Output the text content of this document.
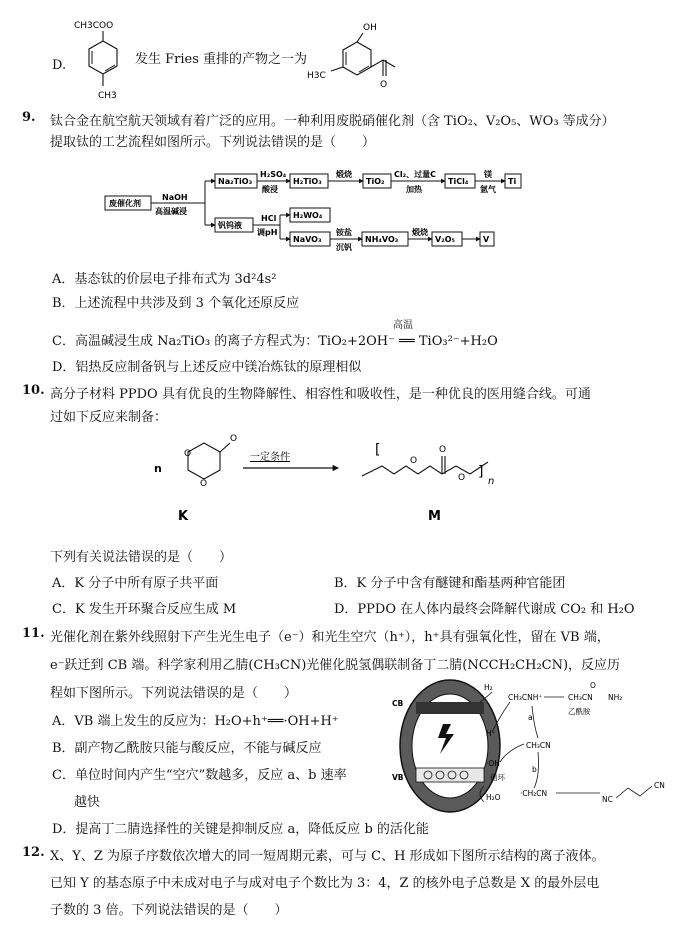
D.
CH3COO
CH3
发生 Fries 重排的产物之一为
OH
H3C
O
9. 钛合金在航空航天领域有着广泛的应用。一种利用废脱硝催化剂（含 TiO₂、V₂O₅、WO₃ 等成分）
提取钛的工艺流程如图所示。下列说法错误的是（　　）
废催化剂
NaOH
高温碱浸
Na₂TiO₃
H₂SO₄
酸浸
H₂TiO₃
煅烧
TiO₂
Cl₂、过量C
加热
TiCl₄
镁
氩气
Ti
钒钨液
HCl
调pH
H₂WO₄
NaVO₃
铵盐
沉钒
NH₄VO₃
煅烧
V₂O₅	V
A．基态钛的价层电子排布式为 3d²4s²
B．上述流程中共涉及到 3 个氧化还原反应
C．高温碱浸生成 Na₂TiO₃ 的离子方程式为：TiO₂+2OH⁻ ══ TiO₃²⁻+H₂O
高温
D．铝热反应制备钒与上述反应中镁冶炼钛的原理相似
10. 高分子材料 PPDO 具有优良的生物降解性、相容性和吸收性，是一种优良的医用缝合线。可通
过如下反应来制备：
n
O
O
O
一定条件
K
[
O
O
O ]
n
M
下列有关说法错误的是（　　）
A．K 分子中所有原子共平面	B．K 分子中含有醚键和酯基两种官能团
C．K 发生开环聚合反应生成 M	D．PPDO 在人体内最终会降解代谢成 CO₂ 和 H₂O
11. 光催化剂在紫外线照射下产生光生电子（e⁻）和光生空穴（h⁺），h⁺具有强氧化性，留在 VB 端，
e⁻跃迁到 CB 端。科学家利用乙腈(CH₃CN)光催化脱氢偶联制备丁二腈(NCCH₂CH₂CN)，反应历
程如下图所示。下列说法错误的是（　　）
A．VB 端上发生的反应为：H₂O+h⁺══·OH+H⁺
B．副产物乙酰胺只能与酸反应，不能与碱反应
C．单位时间内产生“空穴”数越多，反应 a、b 速率
越快
D．提高丁二腈选择性的关键是抑制反应 a，降低反应 b 的活化能
CB
VB
H₂
H⁺
CH₃CNH⁺	CH₃CN
O
NH₂
乙酰胺
a
CH₃CN
b
·OH
循环
H₂O	·CH₂CN
NC
CN
12. X、Y、Z 为原子序数依次增大的同一短周期元素，可与 C、H 形成如下图所示结构的离子液体。
已知 Y 的基态原子中未成对电子与成对电子个数比为 3：4，Z 的核外电子总数是 X 的最外层电
子数的 3 倍。下列说法错误的是（　　）
